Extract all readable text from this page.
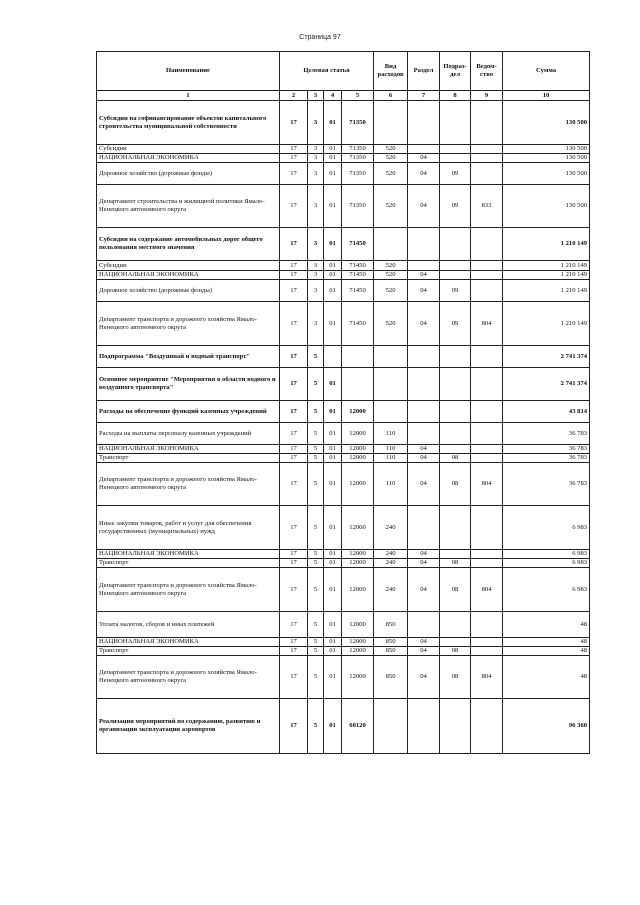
Страница 97
Наименование	Целевая статья				Вид расходов	Раздел	Подраз-дел	Ведом-ство	Сумма
1	2	3	4	5	6	7	8	9	10
Субсидии на софинансирование объектов капитального строительства муниципальной собственности	17	3	01	71350					130 500
Субсидии	17	3	01	71350	520				130 500
НАЦИОНАЛЬНАЯ ЭКОНОМИКА	17	3	01	71350	520	04			130 500
Дорожное хозяйство (дорожные фонды)	17	3	01	71350	520	04	09		130 500
Департамент строительства и жилищной политики Ямало-Ненецкого автономного округа	17	3	01	71350	520	04	09	833	130 500
Субсидии на содержание автомобильных дорог общего пользования местного значения	17	3	01	71450					1 210 149
Субсидии	17	3	01	71450	520				1 210 149
НАЦИОНАЛЬНАЯ ЭКОНОМИКА	17	3	01	71450	520	04			1 210 149
Дорожное хозяйство (дорожные фонды)	17	3	01	71450	520	04	09		1 210 149
Департамент транспорта и дорожного хозяйства Ямало-Ненецкого автономного округа	17	3	01	71450	520	04	09	804	1 210 149
Подпрограмма "Воздушный и водный транспорт"	17	5							2 741 374
Основное мероприятие "Мероприятия в области водного и воздушного транспорта"	17	5	01						2 741 374
Расходы на обеспечение функций казенных учреждений	17	5	01	12000					43 814
Расходы на выплаты персоналу казенных учреждений	17	5	01	12000	110				36 783
НАЦИОНАЛЬНАЯ ЭКОНОМИКА	17	5	01	12000	110	04			36 783
Транспорт	17	5	01	12000	110	04	08		36 783
Департамент транспорта и дорожного хозяйства Ямало-Ненецкого автономного округа	17	5	01	12000	110	04	08	804	36 783
Иные закупки товаров, работ и услуг для обеспечения государственных (муниципальных) нужд	17	5	01	12000	240				6 983
НАЦИОНАЛЬНАЯ ЭКОНОМИКА	17	5	01	12000	240	04			6 983
Транспорт	17	5	01	12000	240	04	08		6 983
Департамент транспорта и дорожного хозяйства Ямало-Ненецкого автономного округа	17	5	01	12000	240	04	08	804	6 983
Уплата налогов, сборов и иных платежей	17	5	01	12000	850				48
НАЦИОНАЛЬНАЯ ЭКОНОМИКА	17	5	01	12000	850	04			48
Транспорт	17	5	01	12000	850	04	08		48
Департамент транспорта и дорожного хозяйства Ямало-Ненецкого автономного округа	17	5	01	12000	850	04	08	804	48
Реализация мероприятий по содержанию, развитию и организации эксплуатации аэропортов	17	5	01	60120					96 360
